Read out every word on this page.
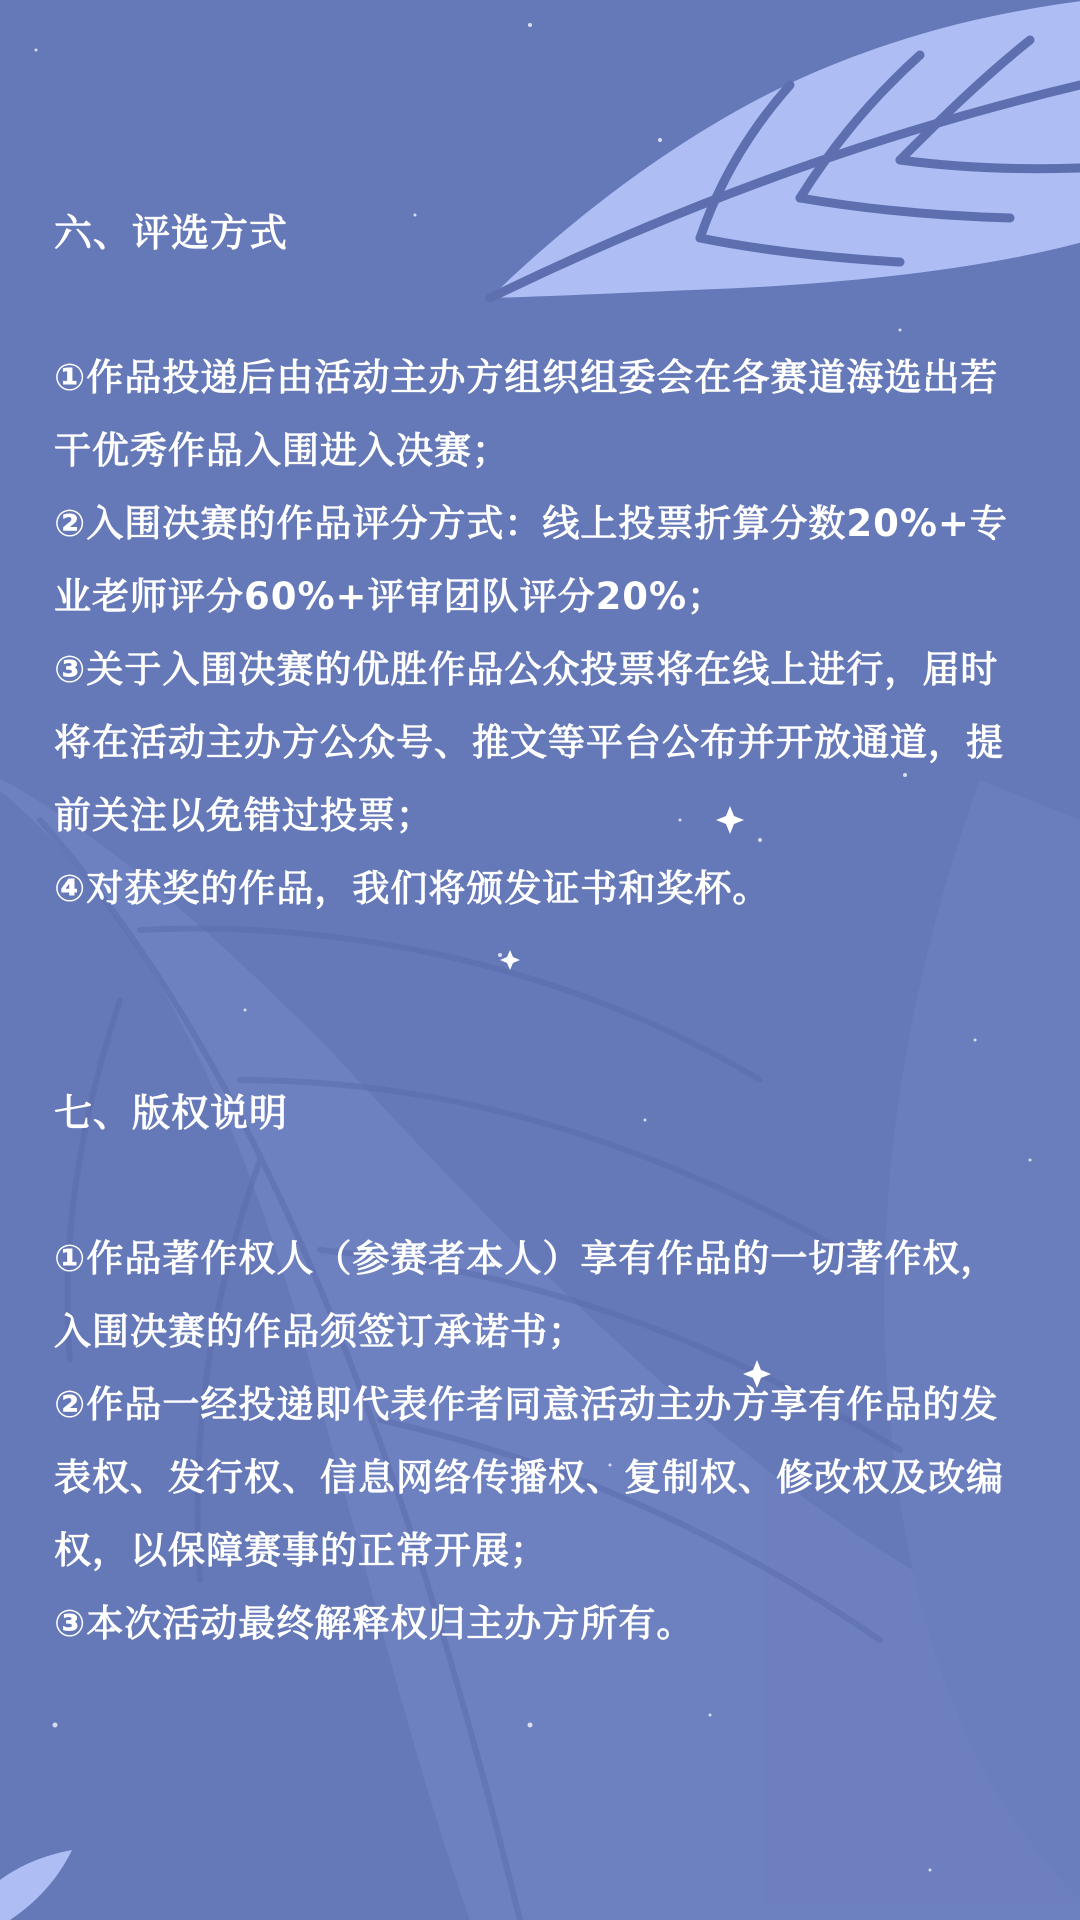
六、评选方式

①作品投递后由活动主办方组织组委会在各赛道海选出若干优秀作品入围进入决赛；

②入围决赛的作品评分方式：线上投票折算分数20%+专业老师评分60%+评审团队评分20%；

③关于入围决赛的优胜作品公众投票将在线上进行，届时将在活动主办方公众号、推文等平台公布并开放通道，提前关注以免错过投票；

④对获奖的作品，我们将颁发证书和奖杯。

七、版权说明

①作品著作权人（参赛者本人）享有作品的一切著作权，入围决赛的作品须签订承诺书；

②作品一经投递即代表作者同意活动主办方享有作品的发表权、发行权、信息网络传播权、复制权、修改权及改编权，以保障赛事的正常开展；

③本次活动最终解释权归主办方所有。
